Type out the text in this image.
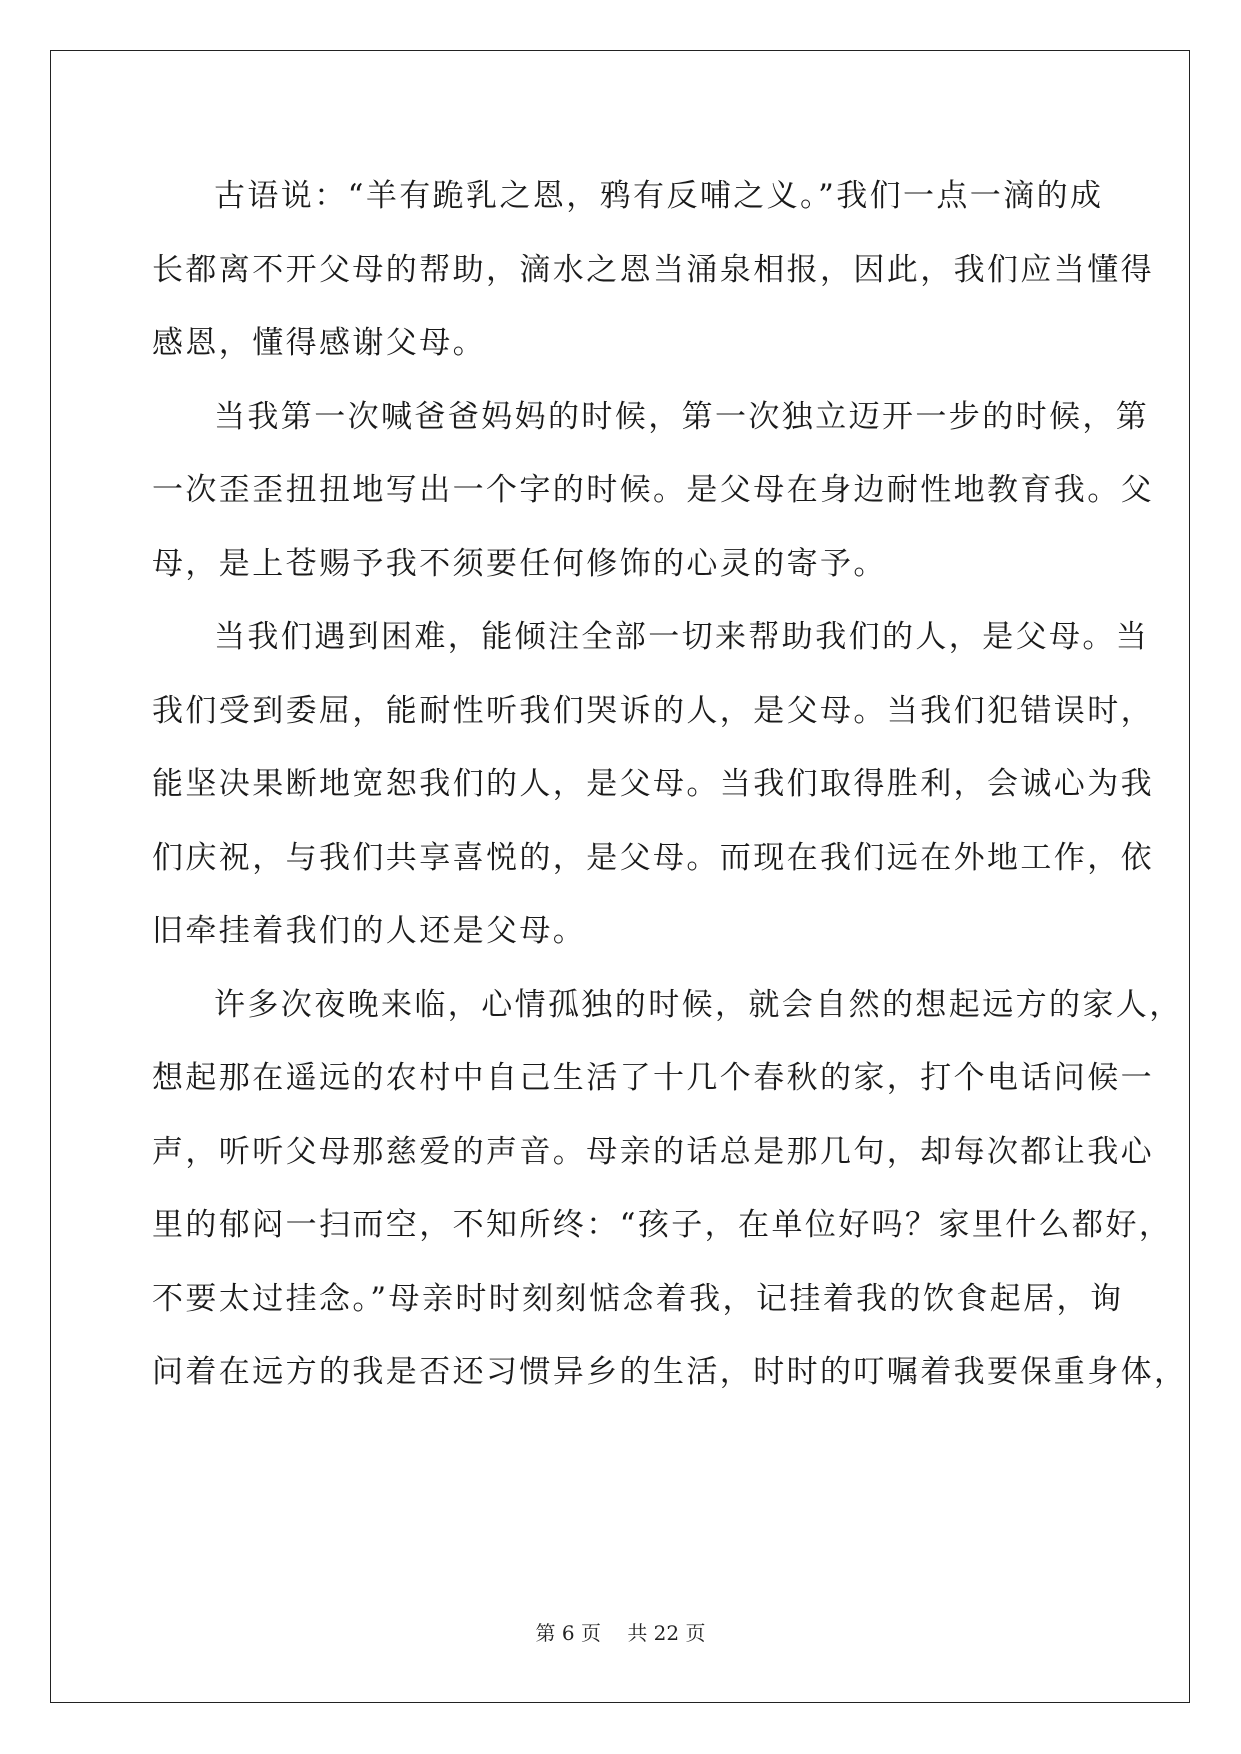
古语说：“羊有跪乳之恩，鸦有反哺之义。”我们一点一滴的成
长都离不开父母的帮助，滴水之恩当涌泉相报，因此，我们应当懂得
感恩，懂得感谢父母。

当我第一次喊爸爸妈妈的时候，第一次独立迈开一步的时候，第
一次歪歪扭扭地写出一个字的时候。是父母在身边耐性地教育我。父
母，是上苍赐予我不须要任何修饰的心灵的寄予。

当我们遇到困难，能倾注全部一切来帮助我们的人，是父母。当
我们受到委屈，能耐性听我们哭诉的人，是父母。当我们犯错误时，
能坚决果断地宽恕我们的人，是父母。当我们取得胜利，会诚心为我
们庆祝，与我们共享喜悦的，是父母。而现在我们远在外地工作，依
旧牵挂着我们的人还是父母。

许多次夜晚来临，心情孤独的时候，就会自然的想起远方的家人，
想起那在遥远的农村中自己生活了十几个春秋的家，打个电话问候一
声，听听父母那慈爱的声音。母亲的话总是那几句，却每次都让我心
里的郁闷一扫而空，不知所终：“孩子，在单位好吗？家里什么都好，
不要太过挂念。”母亲时时刻刻惦念着我，记挂着我的饮食起居，询
问着在远方的我是否还习惯异乡的生活，时时的叮嘱着我要保重身体，

第 6 页 共 22 页
